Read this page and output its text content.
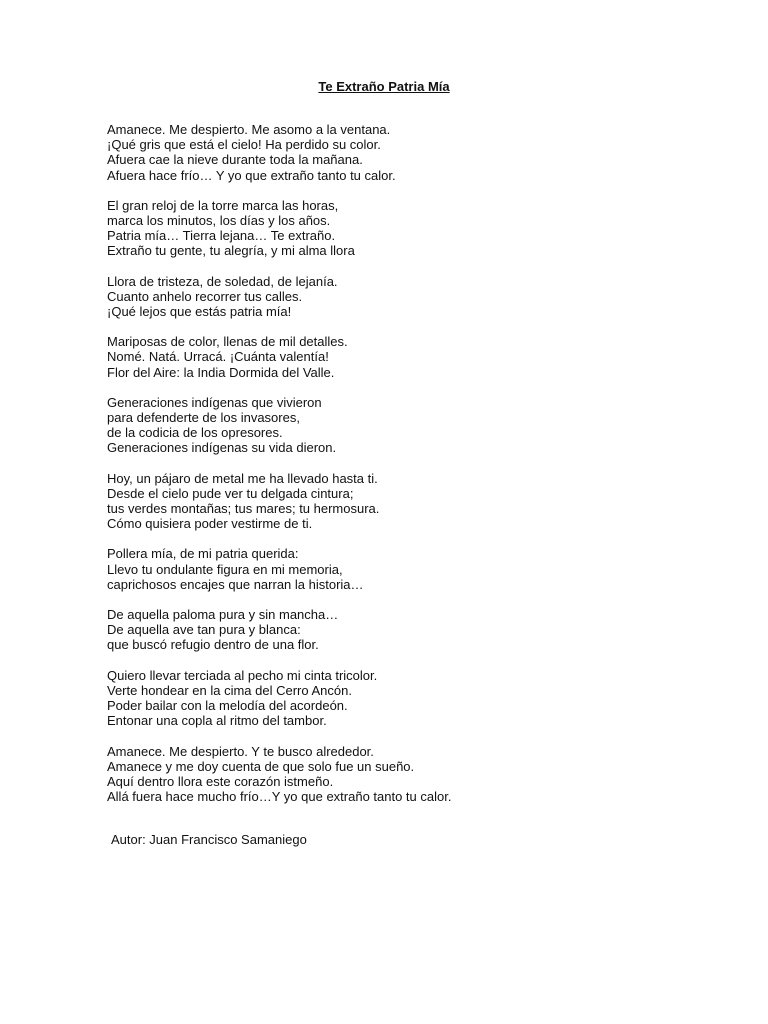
Te Extraño Patria Mía
Amanece. Me despierto. Me asomo a la ventana.
¡Qué gris que está el cielo! Ha perdido su color.
Afuera cae la nieve durante toda la mañana.
Afuera hace frío… Y yo que extraño tanto tu calor.
El gran reloj de la torre marca las horas,
marca los minutos, los días y los años.
Patria mía… Tierra lejana… Te extraño.
Extraño tu gente, tu alegría, y mi alma llora
Llora de tristeza, de soledad, de lejanía.
Cuanto anhelo recorrer tus calles.
¡Qué lejos que estás patria mía!
Mariposas de color, llenas de mil detalles.
Nomé. Natá. Urracá. ¡Cuánta valentía!
Flor del Aire: la India Dormida del Valle.
Generaciones indígenas que vivieron
para defenderte de los invasores,
de la codicia de los opresores.
Generaciones indígenas su vida dieron.
Hoy, un pájaro de metal me ha llevado hasta ti.
Desde el cielo pude ver tu delgada cintura;
tus verdes montañas; tus mares; tu hermosura.
Cómo quisiera poder vestirme de ti.
Pollera mía, de mi patria querida:
Llevo tu ondulante figura en mi memoria,
caprichosos encajes que narran la historia…
De aquella paloma pura y sin mancha…
De aquella ave tan pura y blanca:
que buscó refugio dentro de una flor.
Quiero llevar terciada al pecho mi cinta tricolor.
Verte hondear en la cima del Cerro Ancón.
Poder bailar con la melodía del acordeón.
Entonar una copla al ritmo del tambor.
Amanece. Me despierto. Y te busco alrededor.
Amanece y me doy cuenta de que solo fue un sueño.
Aquí dentro llora este corazón istmeño.
Allá fuera hace mucho frío…Y yo que extraño tanto tu calor.
Autor: Juan Francisco Samaniego
